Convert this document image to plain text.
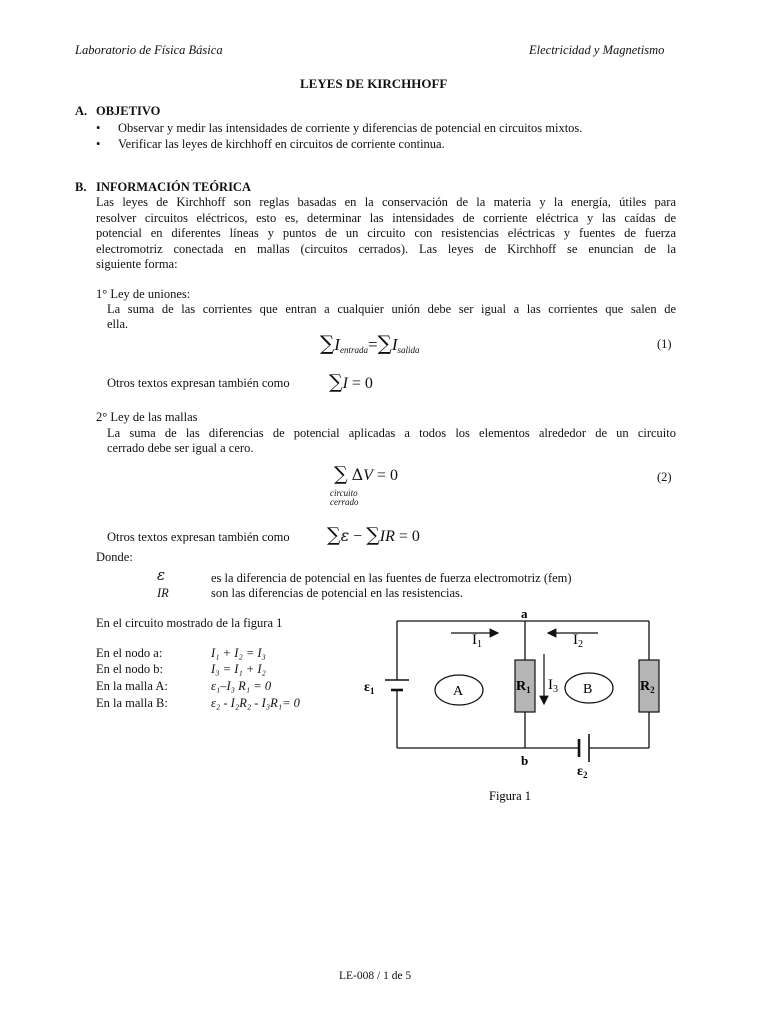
Laboratorio de Física Básica	Electricidad y Magnetismo
LEYES DE KIRCHHOFF
A. OBJETIVO
• Observar y medir las intensidades de corriente y diferencias de potencial en circuitos mixtos.
• Verificar las leyes de kirchhoff en circuitos de corriente continua.
B. INFORMACIÓN TEÓRICA
Las leyes de Kirchhoff son reglas basadas en la conservación de la materia y la energía, útiles para
resolver circuitos eléctricos, esto es, determinar las intensidades de corriente eléctrica y las caídas de
potencial en diferentes líneas y puntos de un circuito con resistencias eléctricas y fuentes de fuerza
electromotriz conectada en mallas (circuitos cerrados). Las leyes de Kirchhoff se enuncian de la
siguiente forma:
1° Ley de uniones:
La suma de las corrientes que entran a cualquier unión debe ser igual a las corrientes que salen de
ella.
$\sum I_{entrada}=\sum I_{salida}$	(1)
Otros textos expresan también como ∑I = 0
2° Ley de las mallas
La suma de las diferencias de potencial aplicadas a todos los elementos alrededor de un circuito
cerrado debe ser igual a cero.
∑ ΔV = 0
circuito
cerrado
(2)
Otros textos expresan también como ∑ε − ∑IR = 0
Donde:
ε	es la diferencia de potencial en las fuentes de fuerza electromotriz (fem)
IR	son las diferencias de potencial en las resistencias.
En el circuito mostrado de la figura 1
En el nodo a:	I₁ + I₂ = I₃
En el nodo b:	I₃ = I₁ + I₂
En la malla A:	ε₁–I₃ R₁ = 0
En la malla B:	ε₂ - I₂R₂ - I₃R₁= 0
a
b
$I_1$	$I_2$
$I_3$
$R_1$	$R_2$
$\varepsilon_1$
$\varepsilon_2$
A	B
Figura 1
LE-008 / 1 de 5
